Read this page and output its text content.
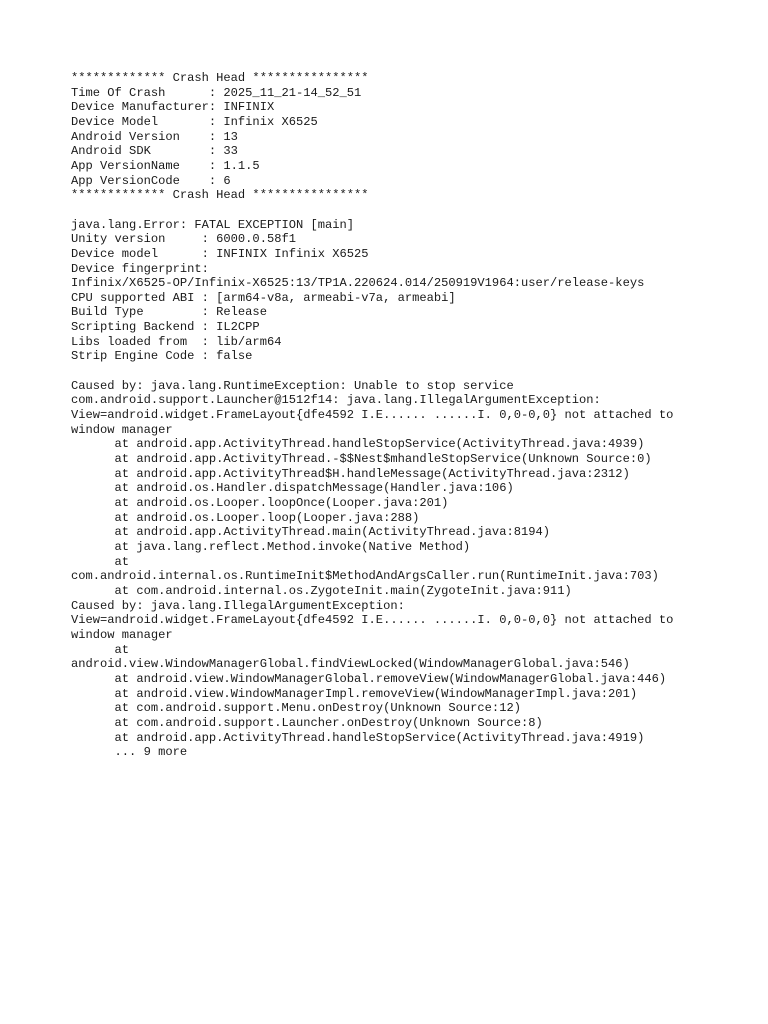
************* Crash Head ****************
Time Of Crash      : 2025_11_21-14_52_51
Device Manufacturer: INFINIX
Device Model       : Infinix X6525
Android Version    : 13
Android SDK        : 33
App VersionName    : 1.1.5
App VersionCode    : 6
************* Crash Head ****************
java.lang.Error: FATAL EXCEPTION [main]
Unity version     : 6000.0.58f1
Device model      : INFINIX Infinix X6525
Device fingerprint:
Infinix/X6525-OP/Infinix-X6525:13/TP1A.220624.014/250919V1964:user/release-keys
CPU supported ABI : [arm64-v8a, armeabi-v7a, armeabi]
Build Type        : Release
Scripting Backend : IL2CPP
Libs loaded from  : lib/arm64
Strip Engine Code : false
Caused by: java.lang.RuntimeException: Unable to stop service
com.android.support.Launcher@1512f14: java.lang.IllegalArgumentException:
View=android.widget.FrameLayout{dfe4592 I.E...... ......I. 0,0-0,0} not attached to
window manager
at android.app.ActivityThread.handleStopService(ActivityThread.java:4939)
at android.app.ActivityThread.-$$Nest$mhandleStopService(Unknown Source:0)
at android.app.ActivityThread$H.handleMessage(ActivityThread.java:2312)
at android.os.Handler.dispatchMessage(Handler.java:106)
at android.os.Looper.loopOnce(Looper.java:201)
at android.os.Looper.loop(Looper.java:288)
at android.app.ActivityThread.main(ActivityThread.java:8194)
at java.lang.reflect.Method.invoke(Native Method)
at
com.android.internal.os.RuntimeInit$MethodAndArgsCaller.run(RuntimeInit.java:703)
at com.android.internal.os.ZygoteInit.main(ZygoteInit.java:911)
Caused by: java.lang.IllegalArgumentException:
View=android.widget.FrameLayout{dfe4592 I.E...... ......I. 0,0-0,0} not attached to
window manager
at
android.view.WindowManagerGlobal.findViewLocked(WindowManagerGlobal.java:546)
at android.view.WindowManagerGlobal.removeView(WindowManagerGlobal.java:446)
at android.view.WindowManagerImpl.removeView(WindowManagerImpl.java:201)
at com.android.support.Menu.onDestroy(Unknown Source:12)
at com.android.support.Launcher.onDestroy(Unknown Source:8)
at android.app.ActivityThread.handleStopService(ActivityThread.java:4919)
... 9 more
